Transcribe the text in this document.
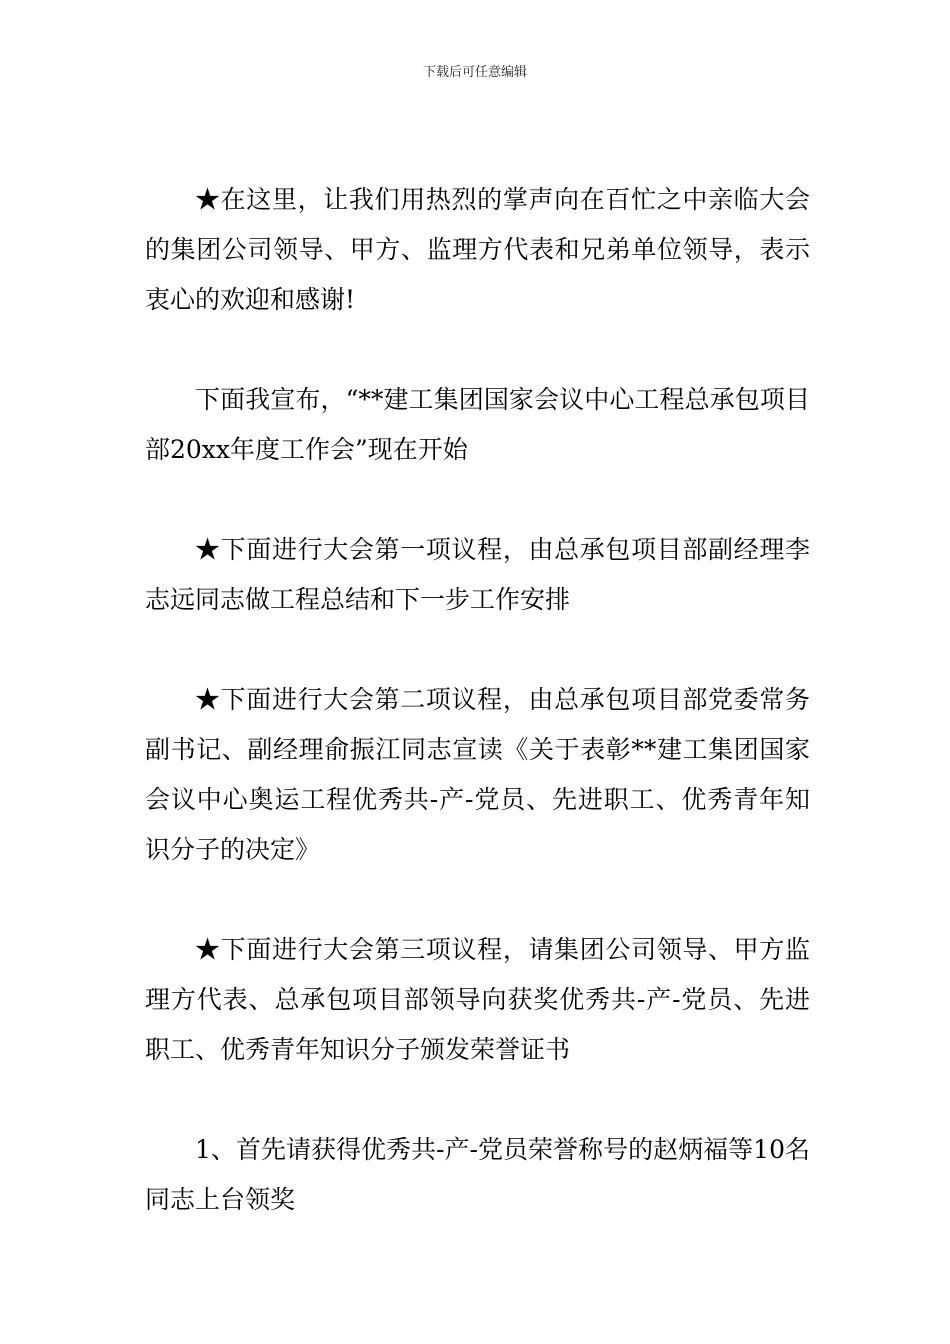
下载后可任意编辑

★在这里，让我们用热烈的掌声向在百忙之中亲临大会的集团公司领导、甲方、监理方代表和兄弟单位领导，表示衷心的欢迎和感谢!

下面我宣布，“**建工集团国家会议中心工程总承包项目部20xx年度工作会”现在开始

★下面进行大会第一项议程，由总承包项目部副经理李志远同志做工程总结和下一步工作安排

★下面进行大会第二项议程，由总承包项目部党委常务副书记、副经理俞振江同志宣读《关于表彰**建工集团国家会议中心奥运工程优秀共-产-党员、先进职工、优秀青年知识分子的决定》

★下面进行大会第三项议程，请集团公司领导、甲方监理方代表、总承包项目部领导向获奖优秀共-产-党员、先进职工、优秀青年知识分子颁发荣誉证书

1、首先请获得优秀共-产-党员荣誉称号的赵炳福等10名同志上台领奖
